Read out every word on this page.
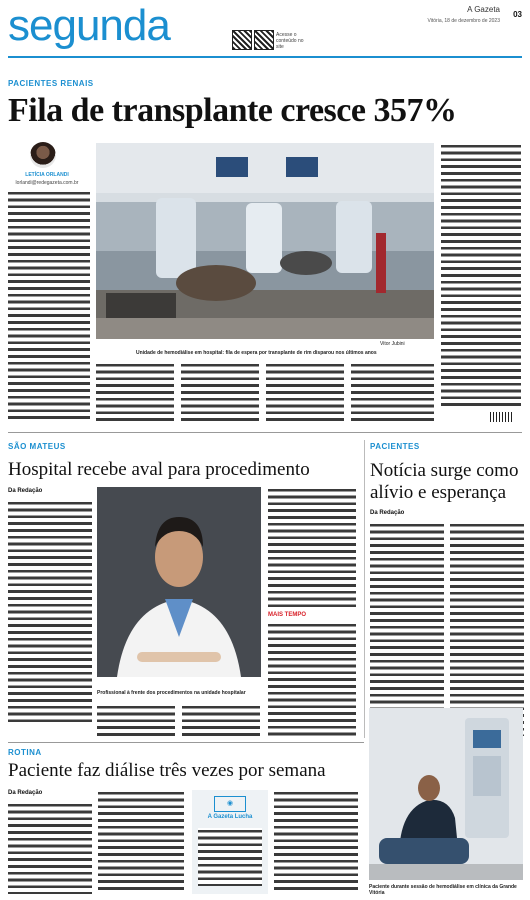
segunda	Acesse o conteúdo no site
A Gazeta
Vitória, 18 de dezembro de 2023
03
PACIENTES RENAIS
Fila de transplante cresce 357%
LETÍCIA ORLANDI
lorlandi@redegazeta.com.br
Vitor Jubini
Unidade de hemodiálise em hospital: fila de espera por transplante de rim disparou nos últimos anos
SÃO MATEUS
Hospital recebe aval para procedimento
Da Redação
Profissional à frente dos procedimentos na unidade hospitalar
MAIS TEMPO
PACIENTES
Notícia surge como alívio e esperança
Da Redação
ROTINA
Paciente faz diálise três vezes por semana
Da Redação
◉
A Gazeta Lucha
Paciente durante sessão de hemodiálise em clínica da Grande Vitória
